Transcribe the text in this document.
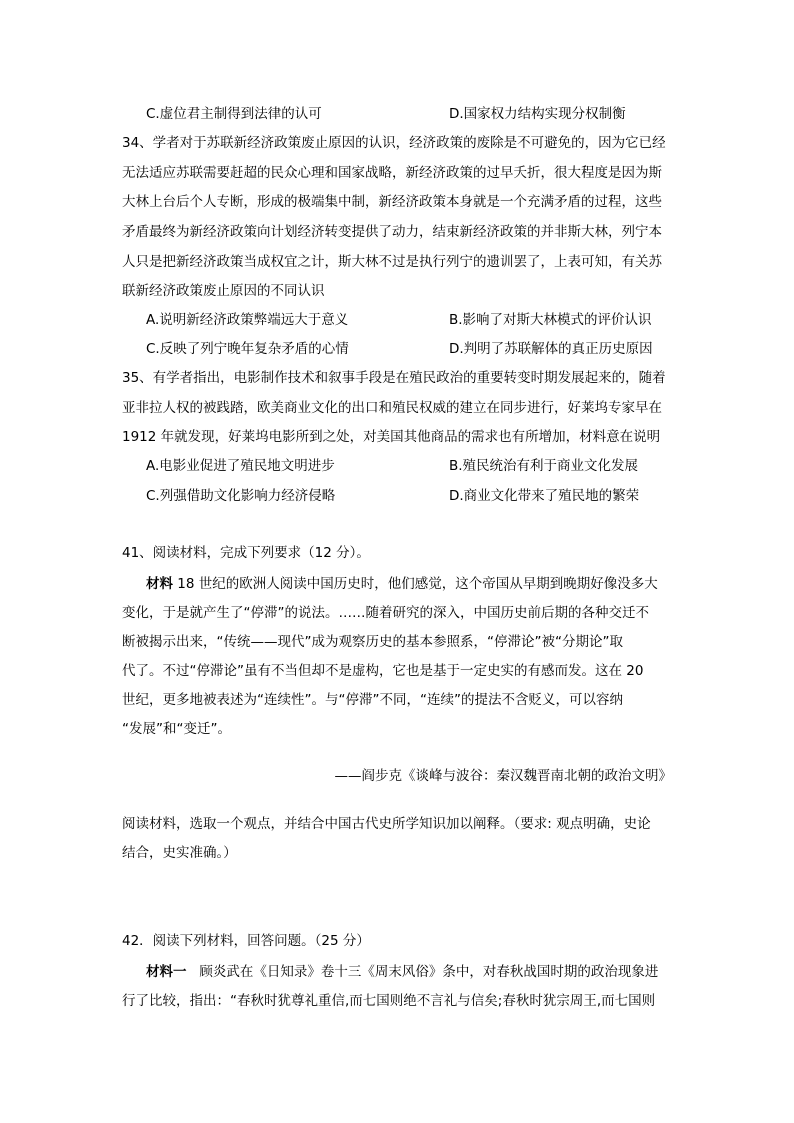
C.虚位君主制得到法律的认可	D.国家权力结构实现分权制衡
34、学者对于苏联新经济政策废止原因的认识，经济政策的废除是不可避免的，因为它已经
无法适应苏联需要赶超的民众心理和国家战略，新经济政策的过早夭折，很大程度是因为斯
大林上台后个人专断，形成的极端集中制，新经济政策本身就是一个充满矛盾的过程，这些
矛盾最终为新经济政策向计划经济转变提供了动力，结束新经济政策的并非斯大林，列宁本
人只是把新经济政策当成权宜之计，斯大林不过是执行列宁的遗训罢了，上表可知，有关苏
联新经济政策废止原因的不同认识
A.说明新经济政策弊端远大于意义	B.影响了对斯大林模式的评价认识
C.反映了列宁晚年复杂矛盾的心情	D.判明了苏联解体的真正历史原因
35、有学者指出，电影制作技术和叙事手段是在殖民政治的重要转变时期发展起来的，随着
亚非拉人权的被践踏，欧美商业文化的出口和殖民权威的建立在同步进行，好莱坞专家早在
1912 年就发现，好莱坞电影所到之处，对美国其他商品的需求也有所增加，材料意在说明
A.电影业促进了殖民地文明进步	B.殖民统治有利于商业文化发展
C.列强借助文化影响力经济侵略	D.商业文化带来了殖民地的繁荣
41、阅读材料，完成下列要求（12 分）。
材料 18 世纪的欧洲人阅读中国历史时，他们感觉，这个帝国从早期到晚期好像没多大
变化，于是就产生了“停滞”的说法。……随着研究的深入，中国历史前后期的各种交迁不
断被揭示出来，“传统——现代”成为观察历史的基本参照系，“停滞论”被“分期论”取
代了。不过“停滞论”虽有不当但却不是虚构，它也是基于一定史实的有感而发。这在 20
世纪，更多地被表述为“连续性”。与“停滞”不同，“连续”的提法不含贬义，可以容纳
“发展”和“变迁”。
——阎步克《谈峰与波谷：秦汉魏晋南北朝的政治文明》
阅读材料，选取一个观点，并结合中国古代史所学知识加以阐释。（要求: 观点明确，史论
结合，史实准确。）
42．阅读下列材料，回答问题。（25 分）
材料一 顾炎武在《日知录》卷十三《周末风俗》条中，对春秋战国时期的政治现象进
行了比较，指出：“春秋时犹尊礼重信,而七国则绝不言礼与信矣;春秋时犹宗周王,而七国则
